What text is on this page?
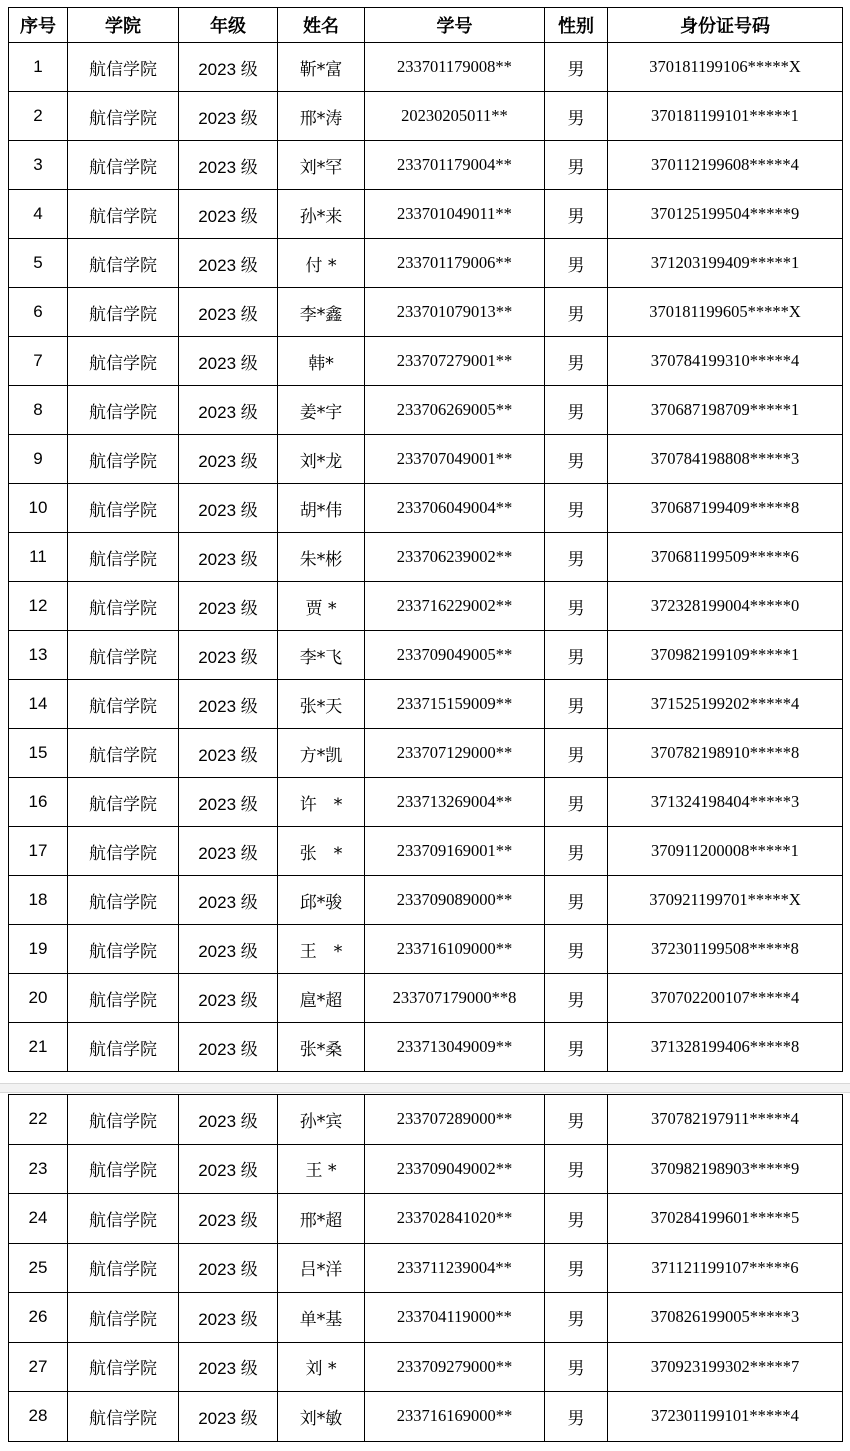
序号	学院	年级	姓名	学号	性别	身份证号码
1	航信学院	2023 级	靳*富	233701179008**	男	370181199106*****X
2	航信学院	2023 级	邢*涛	20230205011**	男	370181199101*****1
3	航信学院	2023 级	刘*罕	233701179004**	男	370112199608*****4
4	航信学院	2023 级	孙*来	233701049011**	男	370125199504*****9
5	航信学院	2023 级	付 *	233701179006**	男	371203199409*****1
6	航信学院	2023 级	李*鑫	233701079013**	男	370181199605*****X
7	航信学院	2023 级	韩*	233707279001**	男	370784199310*****4
8	航信学院	2023 级	姜*宇	233706269005**	男	370687198709*****1
9	航信学院	2023 级	刘*龙	233707049001**	男	370784198808*****3
10	航信学院	2023 级	胡*伟	233706049004**	男	370687199409*****8
11	航信学院	2023 级	朱*彬	233706239002**	男	370681199509*****6
12	航信学院	2023 级	贾 *	233716229002**	男	372328199004*****0
13	航信学院	2023 级	李*飞	233709049005**	男	370982199109*****1
14	航信学院	2023 级	张*天	233715159009**	男	371525199202*****4
15	航信学院	2023 级	方*凯	233707129000**	男	370782198910*****8
16	航信学院	2023 级	许　*	233713269004**	男	371324198404*****3
17	航信学院	2023 级	张　*	233709169001**	男	370911200008*****1
18	航信学院	2023 级	邱*骏	233709089000**	男	370921199701*****X
19	航信学院	2023 级	王　*	233716109000**	男	372301199508*****8
20	航信学院	2023 级	扈*超	233707179000**8	男	370702200107*****4
21	航信学院	2023 级	张*桑	233713049009**	男	371328199406*****8
22	航信学院	2023 级	孙*宾	233707289000**	男	370782197911*****4
23	航信学院	2023 级	王 *	233709049002**	男	370982198903*****9
24	航信学院	2023 级	邢*超	233702841020**	男	370284199601*****5
25	航信学院	2023 级	吕*洋	233711239004**	男	371121199107*****6
26	航信学院	2023 级	单*基	233704119000**	男	370826199005*****3
27	航信学院	2023 级	刘 *	233709279000**	男	370923199302*****7
28	航信学院	2023 级	刘*敏	233716169000**	男	372301199101*****4
